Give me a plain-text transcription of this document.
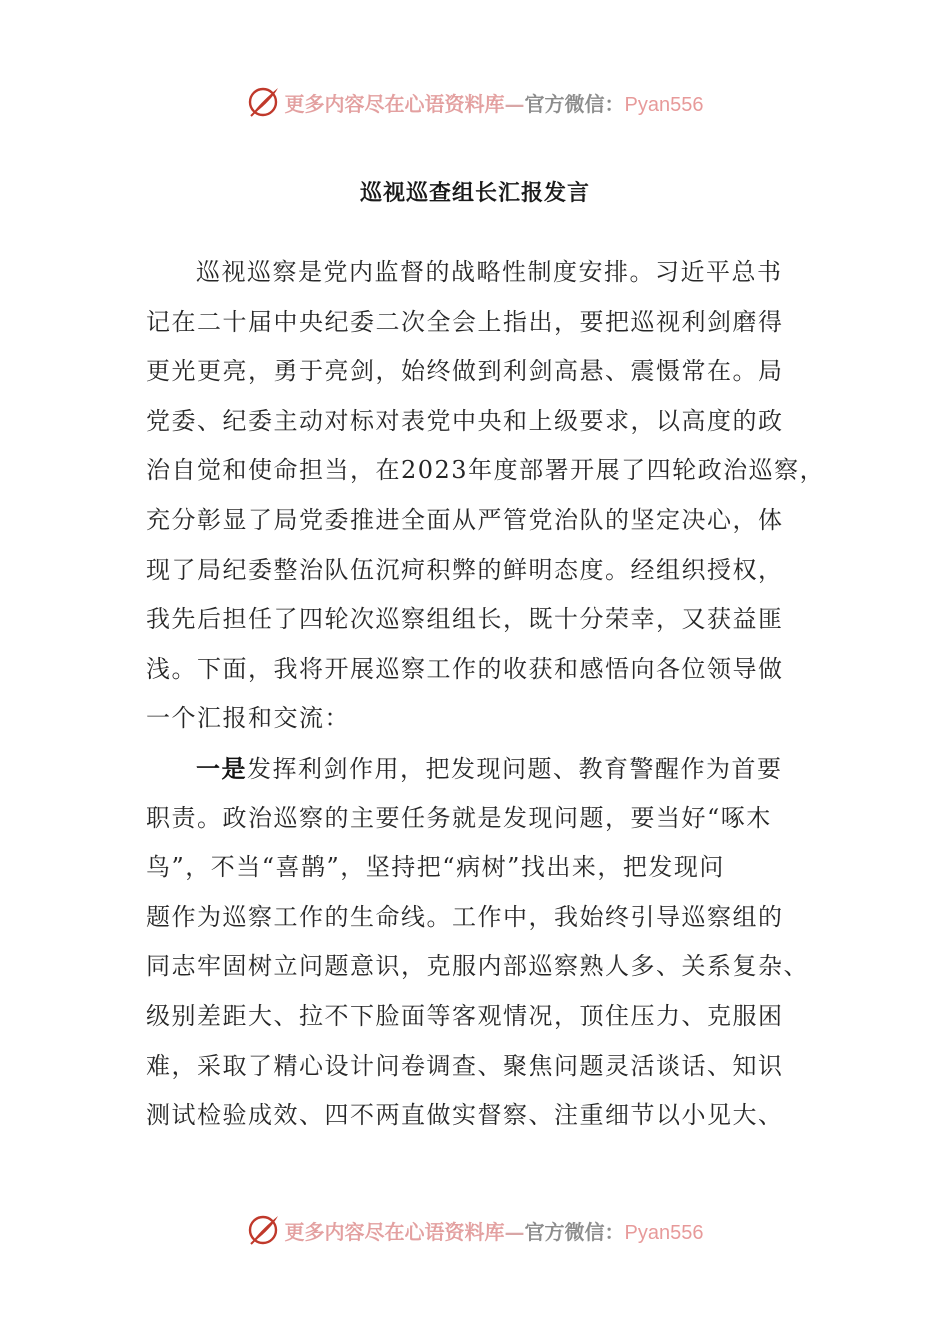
更多内容尽在心语资料库—官方微信：Pyan556
巡视巡查组长汇报发言
巡视巡察是党内监督的战略性制度安排。习近平总书
记在二十届中央纪委二次全会上指出，要把巡视利剑磨得
更光更亮，勇于亮剑，始终做到利剑高悬、震慑常在。局
党委、纪委主动对标对表党中央和上级要求，以高度的政
治自觉和使命担当，在2023年度部署开展了四轮政治巡察，
充分彰显了局党委推进全面从严管党治队的坚定决心，体
现了局纪委整治队伍沉疴积弊的鲜明态度。经组织授权，
我先后担任了四轮次巡察组组长，既十分荣幸，又获益匪
浅。下面，我将开展巡察工作的收获和感悟向各位领导做
一个汇报和交流：
一是发挥利剑作用，把发现问题、教育警醒作为首要
职责。政治巡察的主要任务就是发现问题，要当好“啄木
鸟”，不当“喜鹊”，坚持把“病树”找出来，把发现问
题作为巡察工作的生命线。工作中，我始终引导巡察组的
同志牢固树立问题意识，克服内部巡察熟人多、关系复杂、
级别差距大、拉不下脸面等客观情况，顶住压力、克服困
难，采取了精心设计问卷调查、聚焦问题灵活谈话、知识
测试检验成效、四不两直做实督察、注重细节以小见大、
更多内容尽在心语资料库—官方微信：Pyan556
